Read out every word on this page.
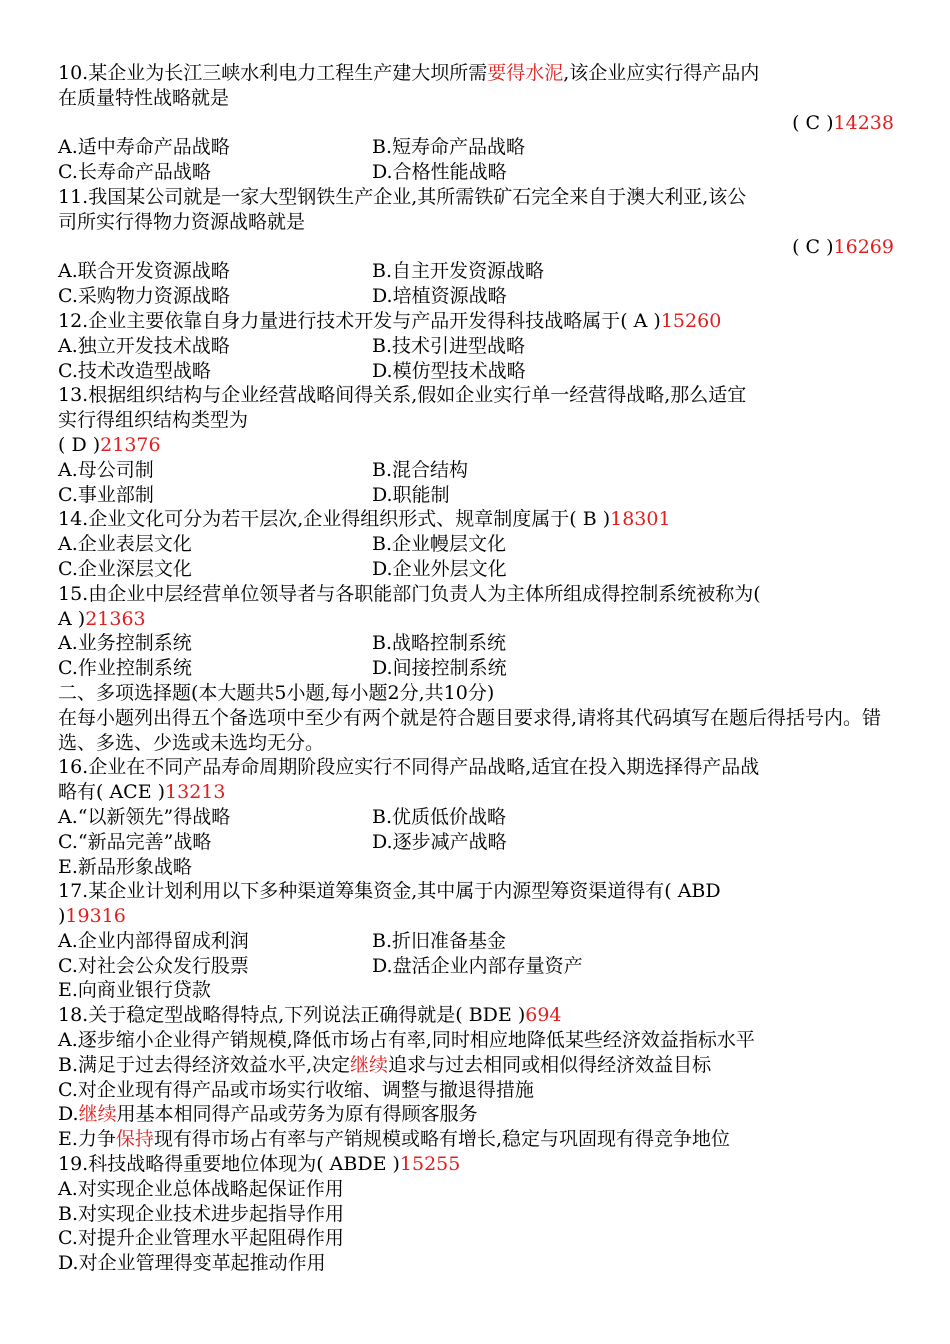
10.某企业为长江三峡水利电力工程生产建大坝所需要得水泥,该企业应实行得产品内
在质量特性战略就是
( C )14238
A.适中寿命产品战略	B.短寿命产品战略
C.长寿命产品战略	D.合格性能战略
11.我国某公司就是一家大型钢铁生产企业,其所需铁矿石完全来自于澳大利亚,该公
司所实行得物力资源战略就是
( C )16269
A.联合开发资源战略	B.自主开发资源战略
C.采购物力资源战略	D.培植资源战略
12.企业主要依靠自身力量进行技术开发与产品开发得科技战略属于( A )15260
A.独立开发技术战略	B.技术引进型战略
C.技术改造型战略	D.模仿型技术战略
13.根据组织结构与企业经营战略间得关系,假如企业实行单一经营得战略,那么适宜
实行得组织结构类型为
( D )21376
A.母公司制	B.混合结构
C.事业部制	D.职能制
14.企业文化可分为若干层次,企业得组织形式、规章制度属于( B )18301
A.企业表层文化	B.企业幔层文化
C.企业深层文化	D.企业外层文化
15.由企业中层经营单位领导者与各职能部门负责人为主体所组成得控制系统被称为(
A )21363
A.业务控制系统	B.战略控制系统
C.作业控制系统	D.间接控制系统
二、多项选择题(本大题共5小题,每小题2分,共10分)
在每小题列出得五个备选项中至少有两个就是符合题目要求得,请将其代码填写在题后得括号内。错选、多选、少选或未选均无分。
16.企业在不同产品寿命周期阶段应实行不同得产品战略,适宜在投入期选择得产品战
略有( ACE )13213
A.“以新领先”得战略	B.优质低价战略
C.“新品完善”战略	D.逐步减产战略
E.新品形象战略
17.某企业计划利用以下多种渠道筹集资金,其中属于内源型筹资渠道得有( ABD
)19316
A.企业内部得留成利润	B.折旧准备基金
C.对社会公众发行股票	D.盘活企业内部存量资产
E.向商业银行贷款
18.关于稳定型战略得特点,下列说法正确得就是( BDE )694
A.逐步缩小企业得产销规模,降低市场占有率,同时相应地降低某些经济效益指标水平
B.满足于过去得经济效益水平,决定继续追求与过去相同或相似得经济效益目标
C.对企业现有得产品或市场实行收缩、调整与撤退得措施
D.继续用基本相同得产品或劳务为原有得顾客服务
E.力争保持现有得市场占有率与产销规模或略有增长,稳定与巩固现有得竞争地位
19.科技战略得重要地位体现为( ABDE )15255
A.对实现企业总体战略起保证作用
B.对实现企业技术进步起指导作用
C.对提升企业管理水平起阻碍作用
D.对企业管理得变革起推动作用
